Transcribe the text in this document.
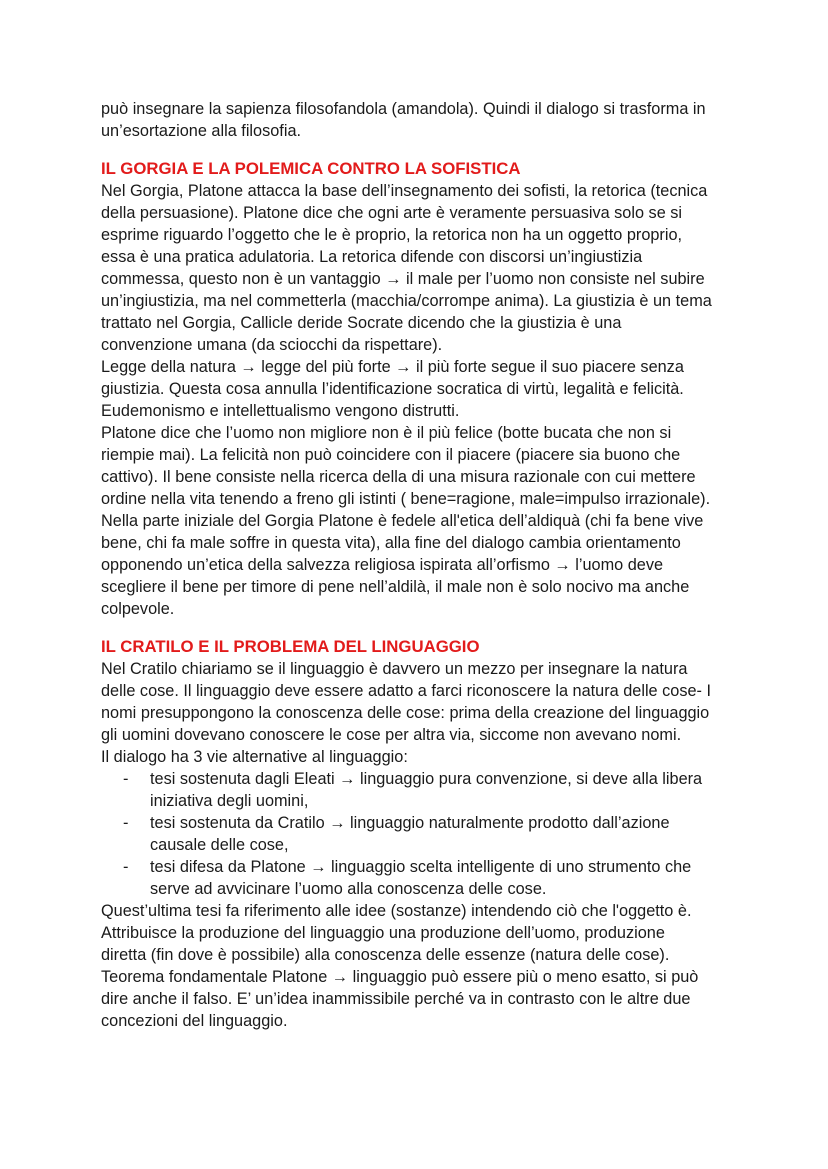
può insegnare la sapienza filosofandola (amandola). Quindi il dialogo si trasforma in
un’esortazione alla filosofia.

IL GORGIA E LA POLEMICA CONTRO LA SOFISTICA

Nel Gorgia, Platone attacca la base dell’insegnamento dei sofisti, la retorica (tecnica
della persuasione). Platone dice che ogni arte è veramente persuasiva solo se si
esprime riguardo l’oggetto che le è proprio, la retorica non ha un oggetto proprio,
essa è una pratica adulatoria. La retorica difende con discorsi un’ingiustizia
commessa, questo non è un vantaggio → il male per l’uomo non consiste nel subire
un’ingiustizia, ma nel commetterla (macchia/corrompe anima). La giustizia è un tema
trattato nel Gorgia, Callicle deride Socrate dicendo che la giustizia è una
convenzione umana (da sciocchi da rispettare).

Legge della natura → legge del più forte → il più forte segue il suo piacere senza
giustizia. Questa cosa annulla l’identificazione socratica di virtù, legalità e felicità.
Eudemonismo e intellettualismo vengono distrutti.

Platone dice che l’uomo non migliore non è il più felice (botte bucata che non si
riempie mai). La felicità non può coincidere con il piacere (piacere sia buono che
cattivo). Il bene consiste nella ricerca della di una misura razionale con cui mettere
ordine nella vita tenendo a freno gli istinti ( bene=ragione, male=impulso irrazionale).

Nella parte iniziale del Gorgia Platone è fedele all'etica dell’aldiquà (chi fa bene vive
bene, chi fa male soffre in questa vita), alla fine del dialogo cambia orientamento
opponendo un’etica della salvezza religiosa ispirata all’orfismo → l’uomo deve
scegliere il bene per timore di pene nell’aldilà, il male non è solo nocivo ma anche
colpevole.

IL CRATILO E IL PROBLEMA DEL LINGUAGGIO

Nel Cratilo chiariamo se il linguaggio è davvero un mezzo per insegnare la natura
delle cose. Il linguaggio deve essere adatto a farci riconoscere la natura delle cose- I
nomi presuppongono la conoscenza delle cose: prima della creazione del linguaggio
gli uomini dovevano conoscere le cose per altra via, siccome non avevano nomi.

Il dialogo ha 3 vie alternative al linguaggio:

- tesi sostenuta dagli Eleati → linguaggio pura convenzione, si deve alla libera
iniziativa degli uomini,
- tesi sostenuta da Cratilo → linguaggio naturalmente prodotto dall’azione
causale delle cose,
- tesi difesa da Platone → linguaggio scelta intelligente di uno strumento che
serve ad avvicinare l’uomo alla conoscenza delle cose.

Quest’ultima tesi fa riferimento alle idee (sostanze) intendendo ciò che l'oggetto è.

Attribuisce la produzione del linguaggio una produzione dell’uomo, produzione
diretta (fin dove è possibile) alla conoscenza delle essenze (natura delle cose).

Teorema fondamentale Platone → linguaggio può essere più o meno esatto, si può
dire anche il falso. E’ un’idea inammissibile perché va in contrasto con le altre due
concezioni del linguaggio.
